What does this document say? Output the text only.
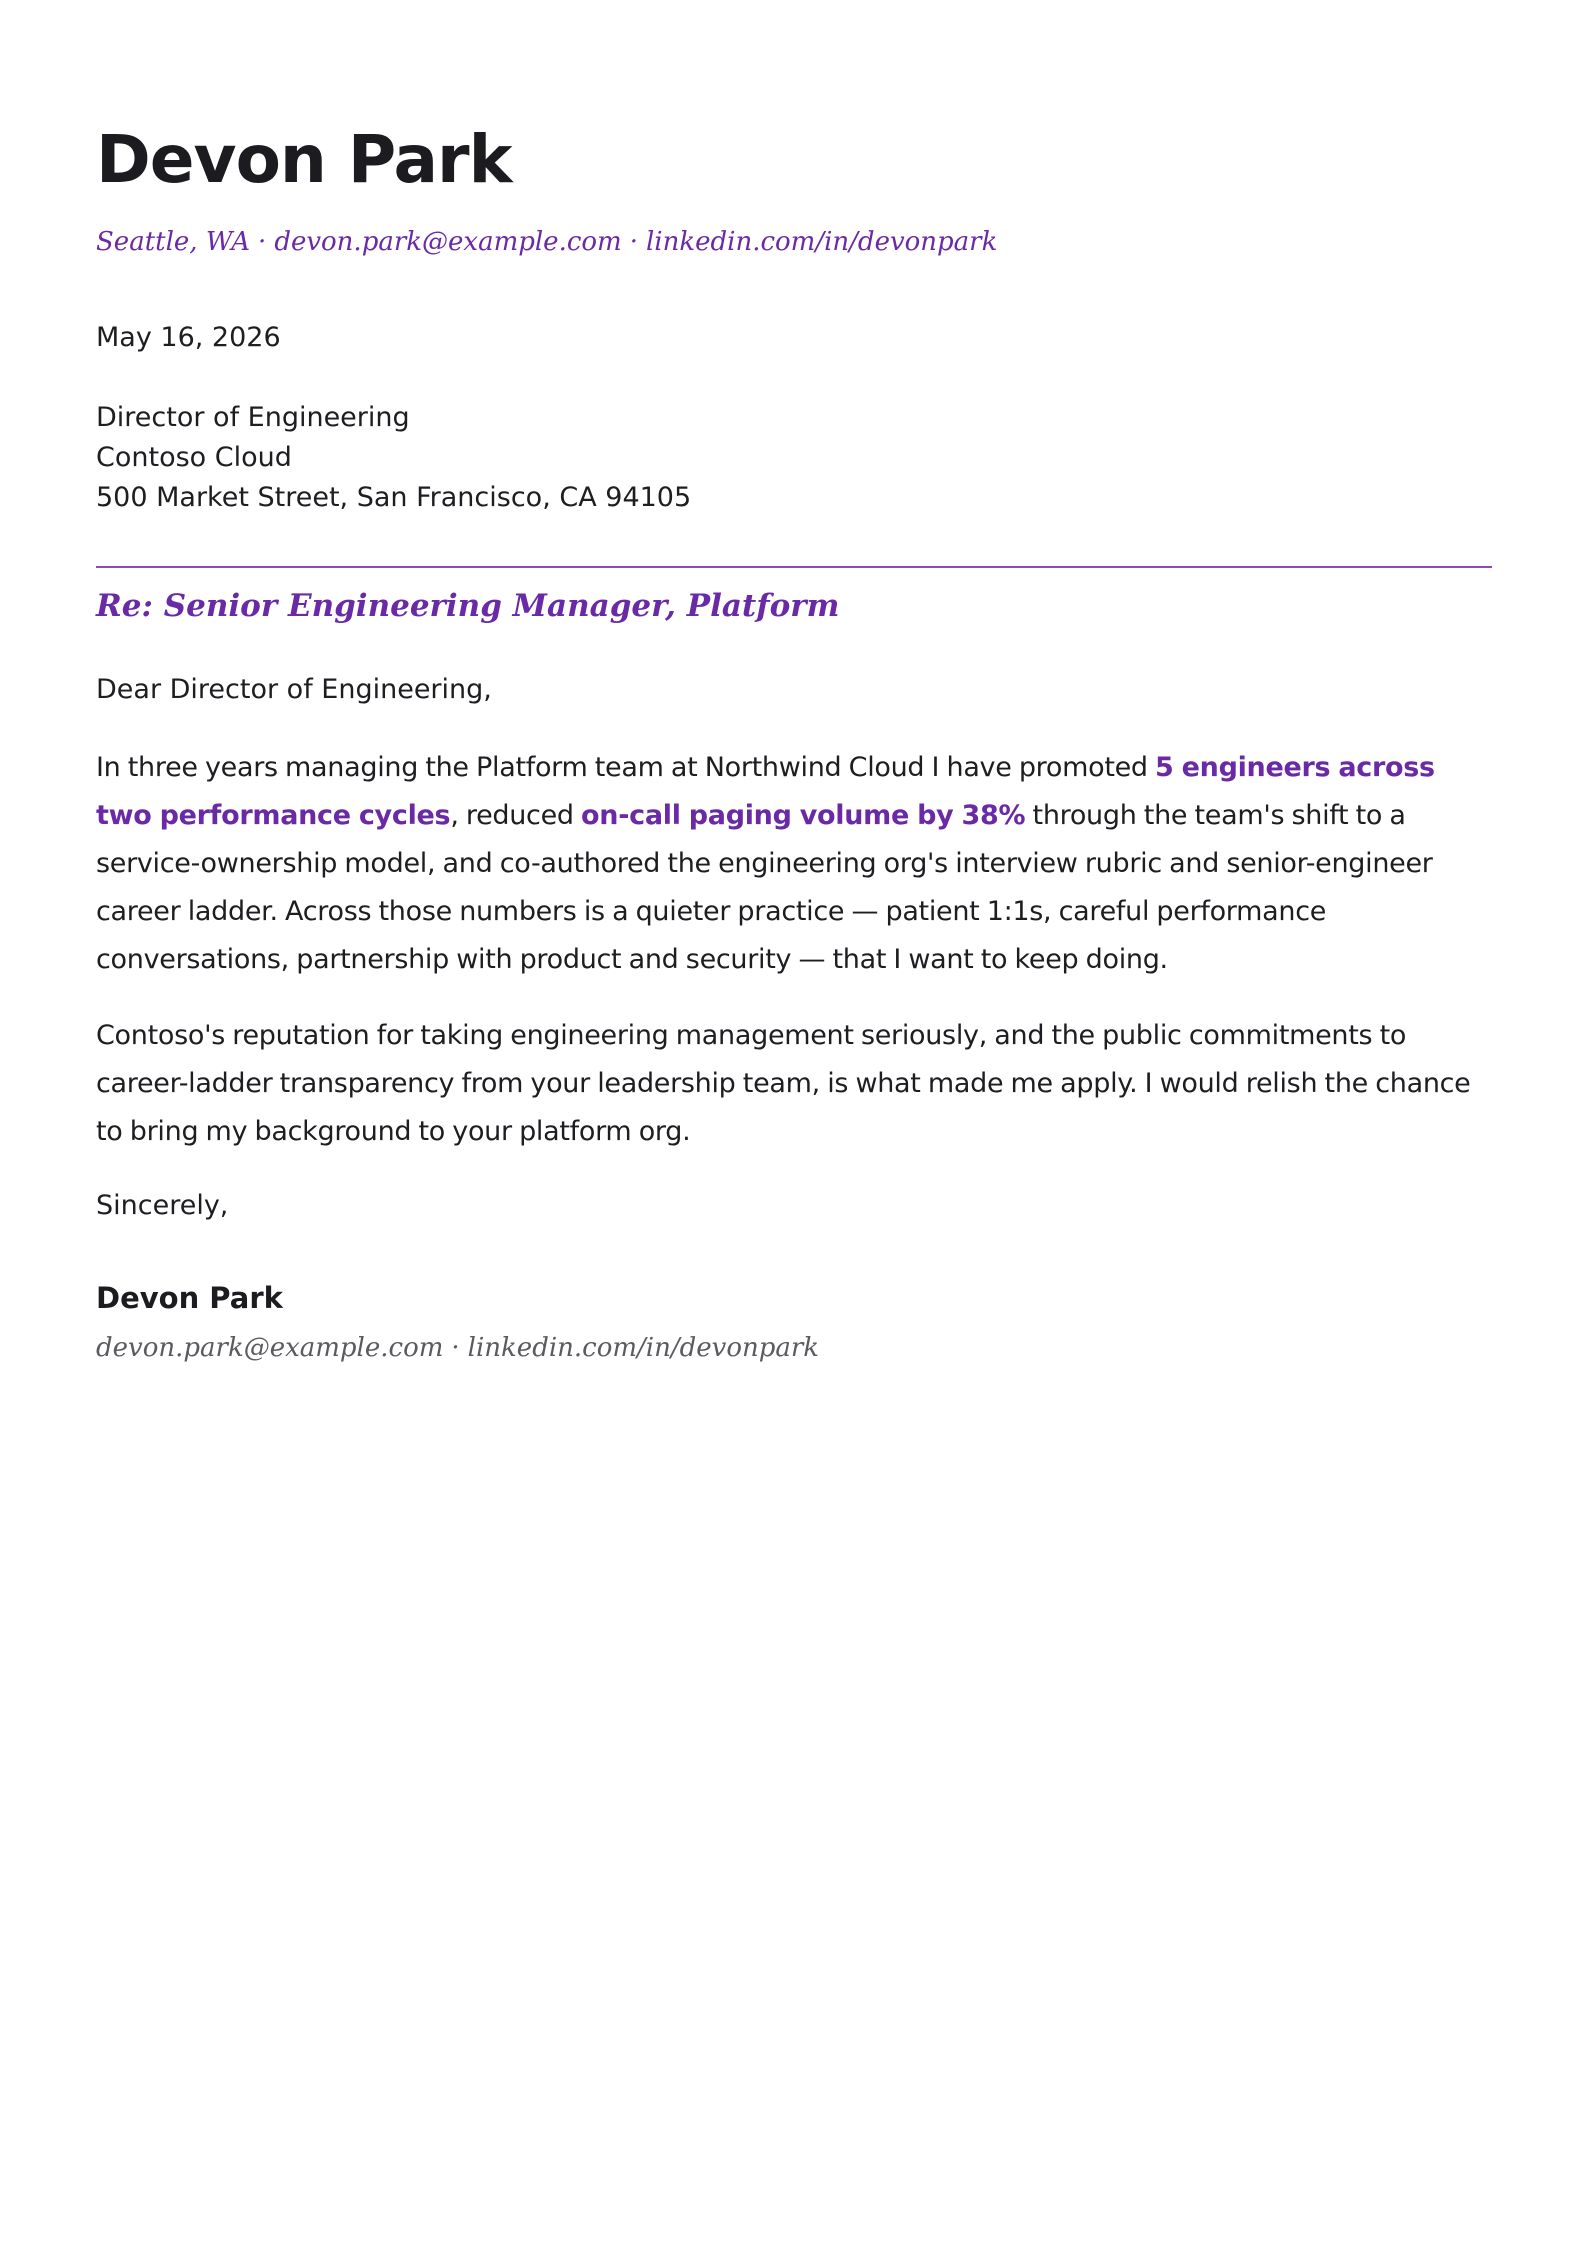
Devon Park
Seattle, WA · devon.park@example.com · linkedin.com/in/devonpark
May 16, 2026
Director of Engineering
Contoso Cloud
500 Market Street, San Francisco, CA 94105
Re: Senior Engineering Manager, Platform
Dear Director of Engineering,

In three years managing the Platform team at Northwind Cloud I have promoted 5 engineers across two performance cycles, reduced on-call paging volume by 38% through the team's shift to a service-ownership model, and co-authored the engineering org's interview rubric and senior-engineer career ladder. Across those numbers is a quieter practice — patient 1:1s, careful performance conversations, partnership with product and security — that I want to keep doing.

Contoso's reputation for taking engineering management seriously, and the public commitments to career-ladder transparency from your leadership team, is what made me apply. I would relish the chance to bring my background to your platform org.

Sincerely,
Devon Park
devon.park@example.com · linkedin.com/in/devonpark
